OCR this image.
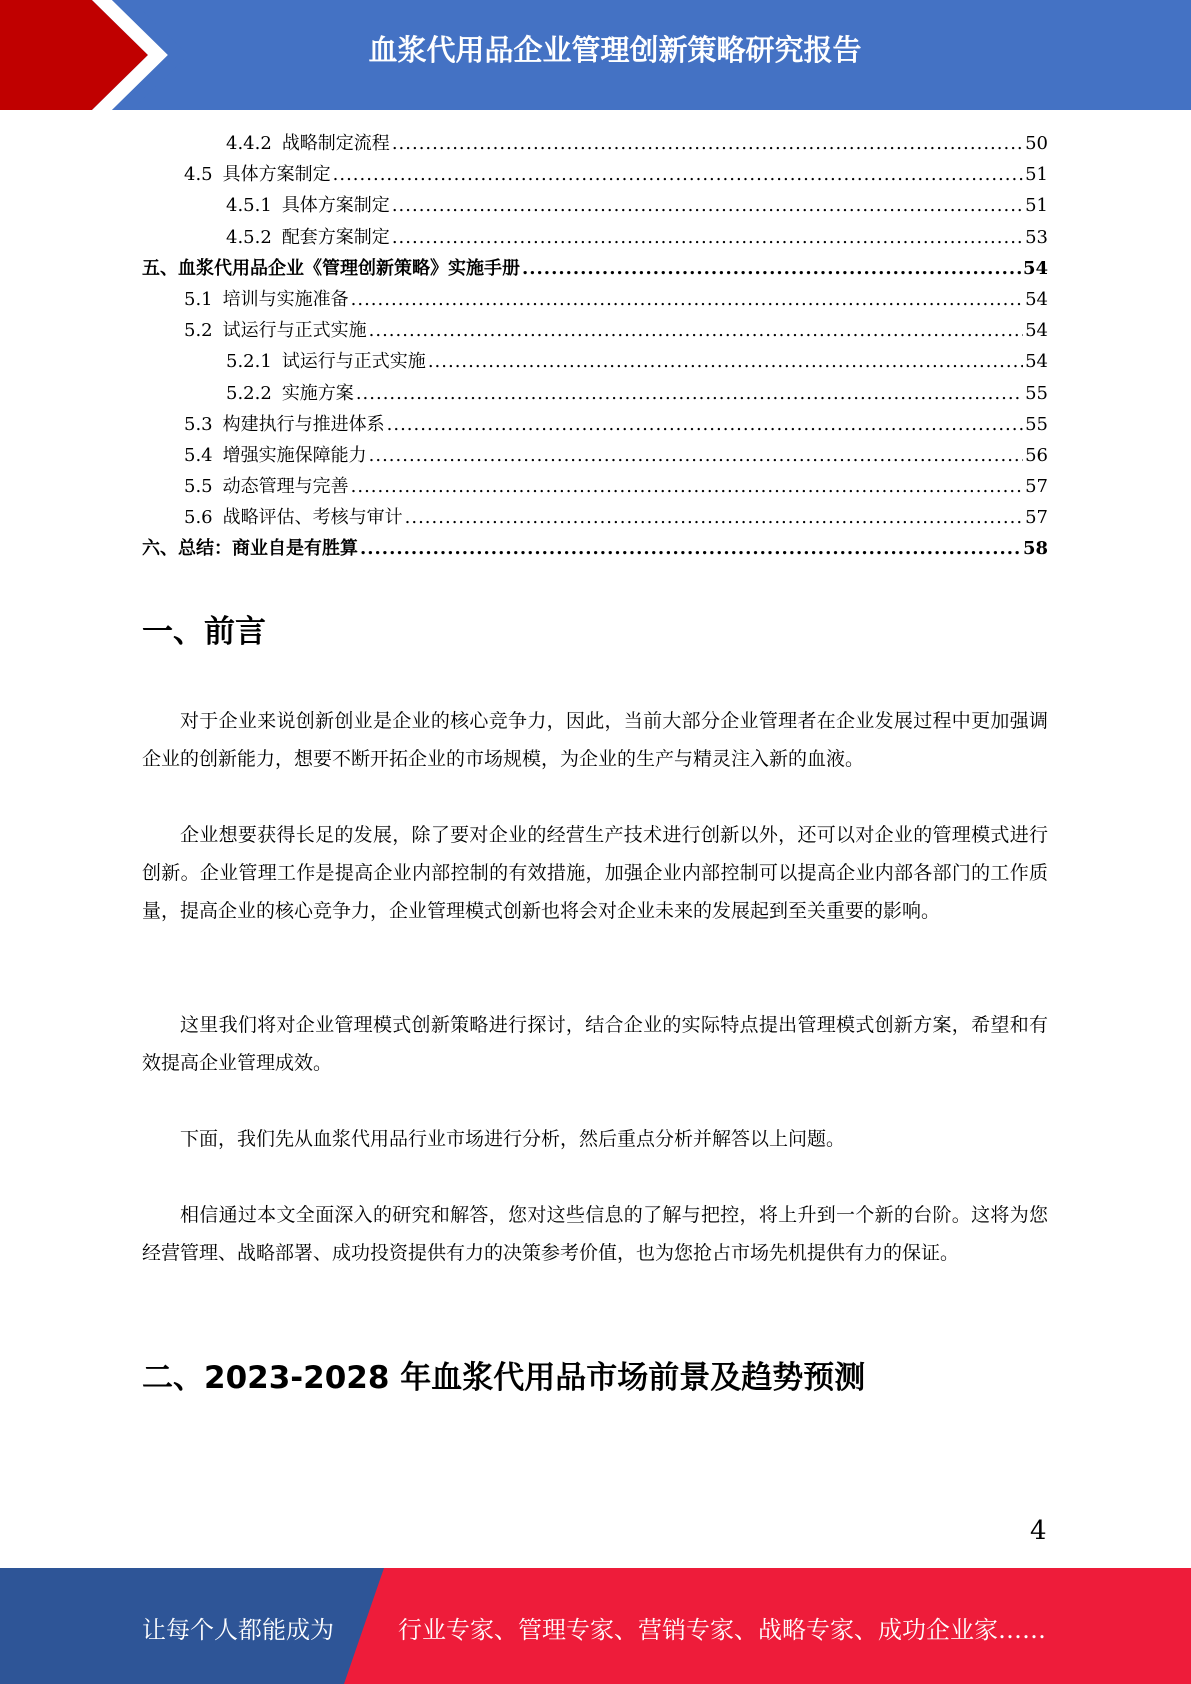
血浆代用品企业管理创新策略研究报告
4.4.2 战略制定流程 .....	50
4.5 具体方案制定 .....	51
4.5.1 具体方案制定 .....	51
4.5.2 配套方案制定 .....	53
五、血浆代用品企业《管理创新策略》实施手册 .....	54
5.1 培训与实施准备 .....	54
5.2 试运行与正式实施 .....	54
5.2.1 试运行与正式实施 .....	54
5.2.2 实施方案 .....	55
5.3 构建执行与推进体系 .....	55
5.4 增强实施保障能力 .....	56
5.5 动态管理与完善 .....	57
5.6 战略评估、考核与审计 .....	57
六、总结：商业自是有胜算 .....	58
一、前言
对于企业来说创新创业是企业的核心竞争力，因此，当前大部分企业管理者在企业发展过程中更加强调企业的创新能力，想要不断开拓企业的市场规模，为企业的生产与精灵注入新的血液。
企业想要获得长足的发展，除了要对企业的经营生产技术进行创新以外，还可以对企业的管理模式进行创新。企业管理工作是提高企业内部控制的有效措施，加强企业内部控制可以提高企业内部各部门的工作质量，提高企业的核心竞争力，企业管理模式创新也将会对企业未来的发展起到至关重要的影响。
这里我们将对企业管理模式创新策略进行探讨，结合企业的实际特点提出管理模式创新方案，希望和有效提高企业管理成效。
下面，我们先从血浆代用品行业市场进行分析，然后重点分析并解答以上问题。
相信通过本文全面深入的研究和解答，您对这些信息的了解与把控，将上升到一个新的台阶。这将为您经营管理、战略部署、成功投资提供有力的决策参考价值，也为您抢占市场先机提供有力的保证。
二、2023-2028 年血浆代用品市场前景及趋势预测
4
让每个人都能成为	行业专家、管理专家、营销专家、战略专家、成功企业家……
